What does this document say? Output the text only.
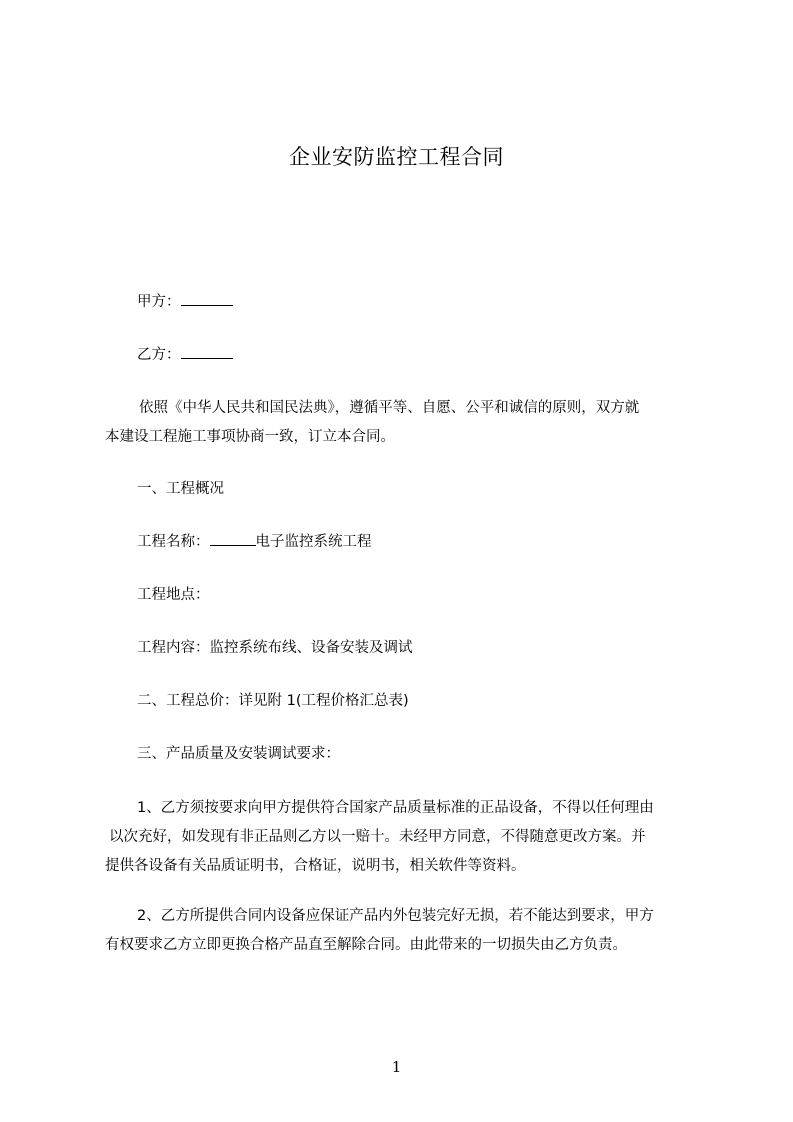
企业安防监控工程合同
甲方：
乙方：
依照《中华人民共和国民法典》，遵循平等、自愿、公平和诚信的原则，双方就
本建设工程施工事项协商一致，订立本合同。
一、工程概况
工程名称：	电子监控系统工程
工程地点：
工程内容：监控系统布线、设备安装及调试
二、工程总价：详见附 1(工程价格汇总表)
三、产品质量及安装调试要求：
1、乙方须按要求向甲方提供符合国家产品质量标准的正品设备，不得以任何理由
以次充好，如发现有非正品则乙方以一赔十。未经甲方同意，不得随意更改方案。并
提供各设备有关品质证明书，合格证，说明书，相关软件等资料。
2、乙方所提供合同内设备应保证产品内外包装完好无损，若不能达到要求，甲方
有权要求乙方立即更换合格产品直至解除合同。由此带来的一切损失由乙方负责。
1
